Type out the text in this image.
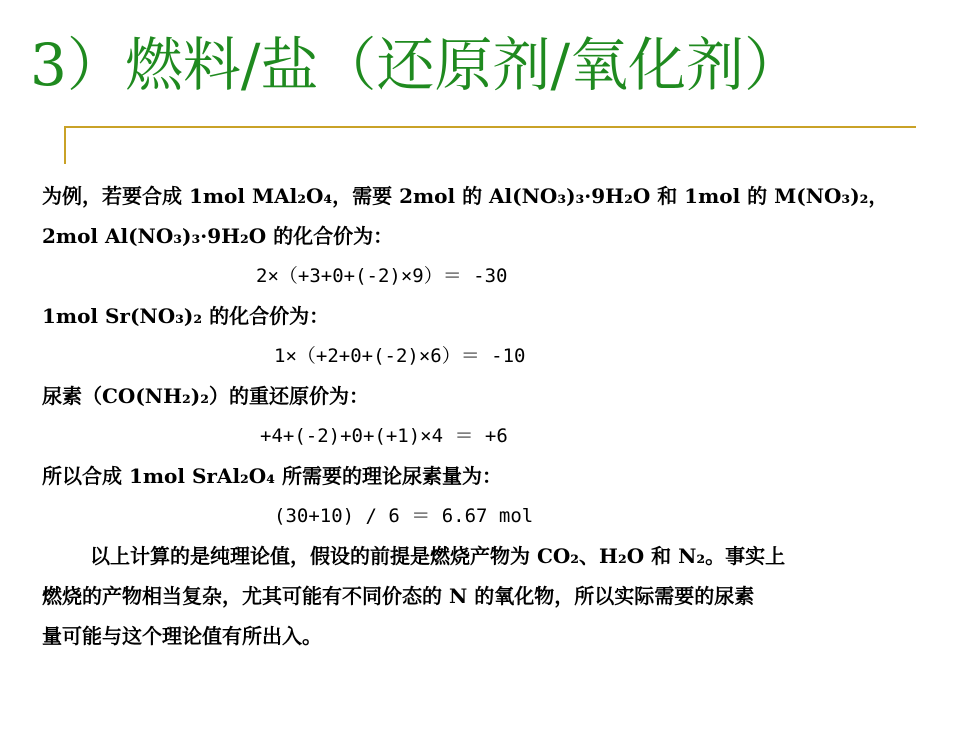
3）燃料/盐（还原剂/氧化剂）
为例，若要合成 1mol MAl₂O₄，需要 2mol 的 Al(NO₃)₃·9H₂O 和 1mol 的 M(NO₃)₂，
2mol Al(NO₃)₃·9H₂O 的化合价为：
2×（+3+0+(-2)×9）＝ -30
1mol Sr(NO₃)₂ 的化合价为：
1×（+2+0+(-2)×6）＝ -10
尿素（CO(NH₂)₂）的重还原价为：
+4+(-2)+0+(+1)×4 ＝ +6
所以合成 1mol SrAl₂O₄ 所需要的理论尿素量为：
(30+10) / 6 ＝ 6.67 mol
以上计算的是纯理论值，假设的前提是燃烧产物为 CO₂、H₂O 和 N₂。事实上
燃烧的产物相当复杂，尤其可能有不同价态的 N 的氧化物，所以实际需要的尿素
量可能与这个理论值有所出入。
